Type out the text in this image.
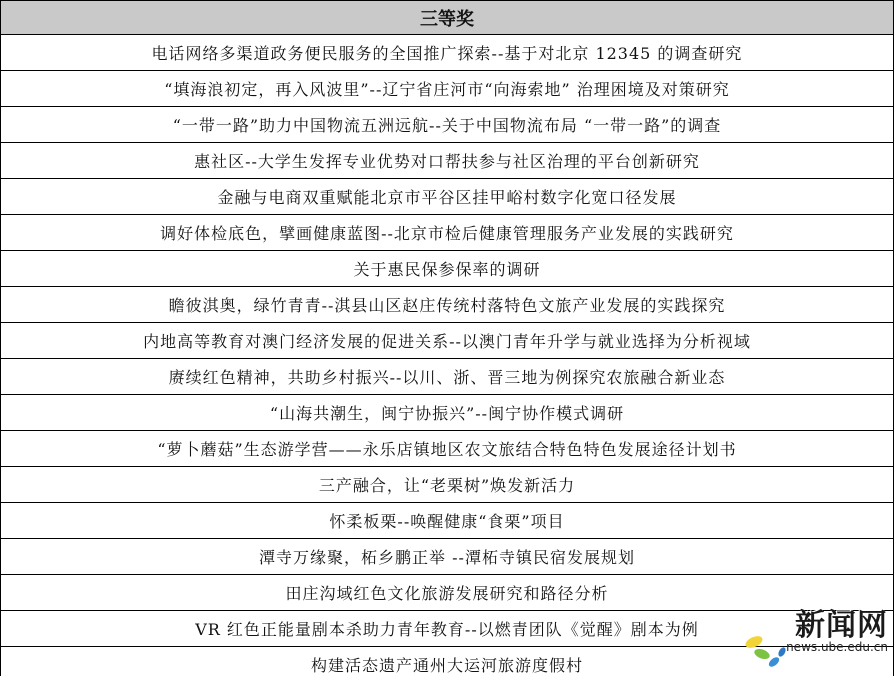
三等奖
电话网络多渠道政务便民服务的全国推广探索--基于对北京 12345 的调查研究
“填海浪初定，再入风波里”--辽宁省庄河市“向海索地” 治理困境及对策研究
“一带一路”助力中国物流五洲远航--关于中国物流布局 “一带一路”的调查
惠社区--大学生发挥专业优势对口帮扶参与社区治理的平台创新研究
金融与电商双重赋能北京市平谷区挂甲峪村数字化宽口径发展
调好体检底色，擘画健康蓝图--北京市检后健康管理服务产业发展的实践研究
关于惠民保参保率的调研
瞻彼淇奥，绿竹青青--淇县山区赵庄传统村落特色文旅产业发展的实践探究
内地高等教育对澳门经济发展的促进关系--以澳门青年升学与就业选择为分析视域
赓续红色精神，共助乡村振兴--以川、浙、晋三地为例探究农旅融合新业态
“山海共潮生，闽宁协振兴”--闽宁协作模式调研
“萝卜蘑菇”生态游学营——永乐店镇地区农文旅结合特色特色发展途径计划书
三产融合，让“老栗树”焕发新活力
怀柔板栗--唤醒健康“食栗”项目
潭寺万缘聚，柘乡鹏正举 --潭柘寺镇民宿发展规划
田庄沟域红色文化旅游发展研究和路径分析
VR 红色正能量剧本杀助力青年教育--以燃青团队《觉醒》剧本为例
构建活态遗产通州大运河旅游度假村
新闻网
news.ube.edu.cn
